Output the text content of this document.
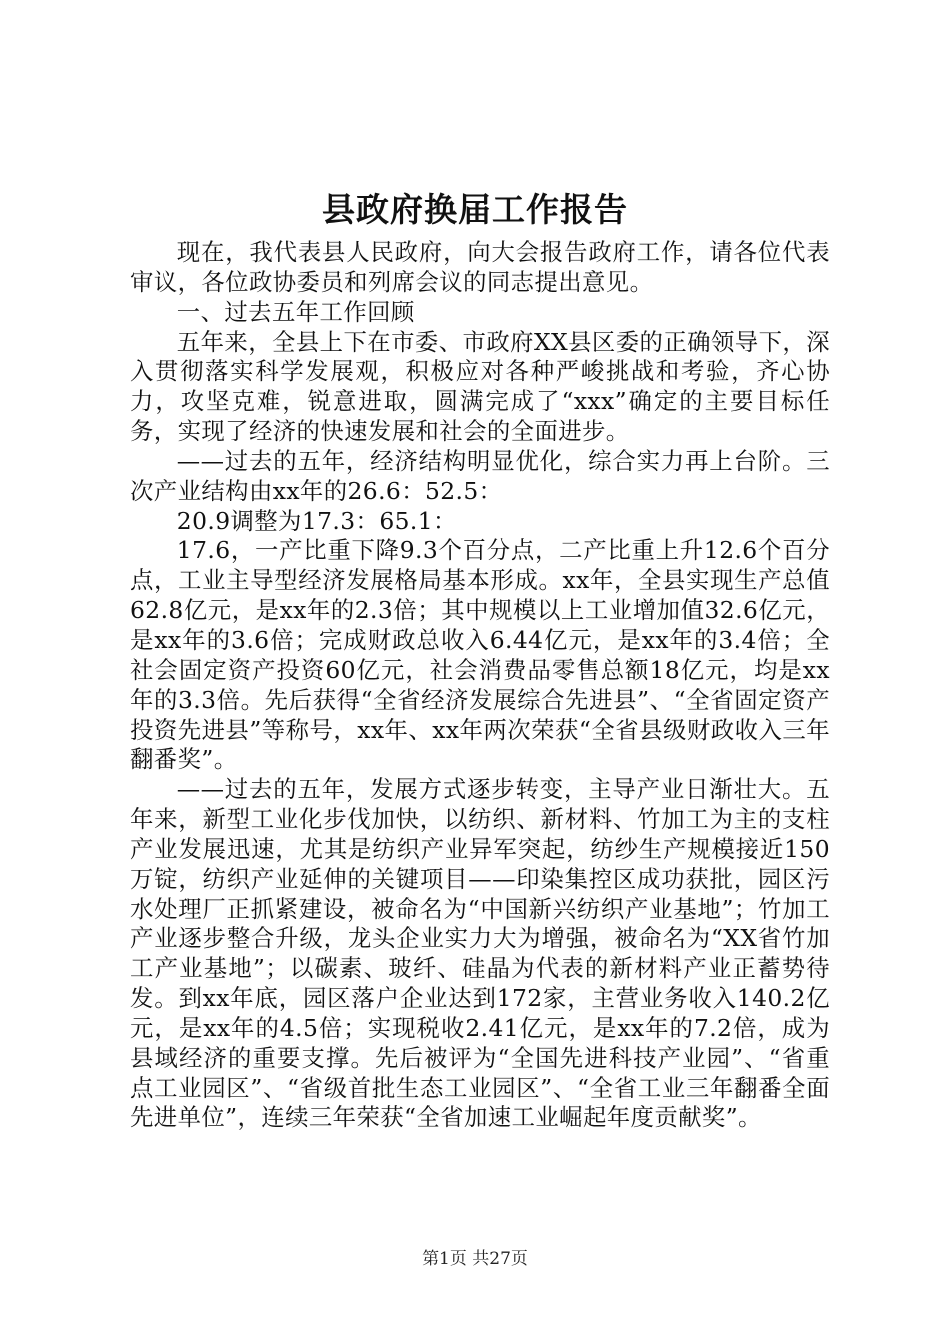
县政府换届工作报告

现在，我代表县人民政府，向大会报告政府工作，请各位代表审议，各位政协委员和列席会议的同志提出意见。

一、过去五年工作回顾

五年来，全县上下在市委、市政府XX县区委的正确领导下，深入贯彻落实科学发展观，积极应对各种严峻挑战和考验，齐心协力，攻坚克难，锐意进取，圆满完成了“xxx”确定的主要目标任务，实现了经济的快速发展和社会的全面进步。

——过去的五年，经济结构明显优化，综合实力再上台阶。三次产业结构由xx年的26.6：52.5：

20.9调整为17.3：65.1：

17.6，一产比重下降9.3个百分点，二产比重上升12.6个百分点，工业主导型经济发展格局基本形成。xx年，全县实现生产总值62.8亿元，是xx年的2.3倍；其中规模以上工业增加值32.6亿元，是xx年的3.6倍；完成财政总收入6.44亿元，是xx年的3.4倍；全社会固定资产投资60亿元，社会消费品零售总额18亿元，均是xx年的3.3倍。先后获得“全省经济发展综合先进县”、“全省固定资产投资先进县”等称号，xx年、xx年两次荣获“全省县级财政收入三年翻番奖”。

——过去的五年，发展方式逐步转变，主导产业日渐壮大。五年来，新型工业化步伐加快，以纺织、新材料、竹加工为主的支柱产业发展迅速，尤其是纺织产业异军突起，纺纱生产规模接近150万锭，纺织产业延伸的关键项目——印染集控区成功获批，园区污水处理厂正抓紧建设，被命名为“中国新兴纺织产业基地”；竹加工产业逐步整合升级，龙头企业实力大为增强，被命名为“XX省竹加工产业基地”；以碳素、玻纤、硅晶为代表的新材料产业正蓄势待发。到xx年底，园区落户企业达到172家，主营业务收入140.2亿元，是xx年的4.5倍；实现税收2.41亿元，是xx年的7.2倍，成为县域经济的重要支撑。先后被评为“全国先进科技产业园”、“省重点工业园区”、“省级首批生态工业园区”、“全省工业三年翻番全面先进单位”，连续三年荣获“全省加速工业崛起年度贡献奖”。

第1页 共27页
